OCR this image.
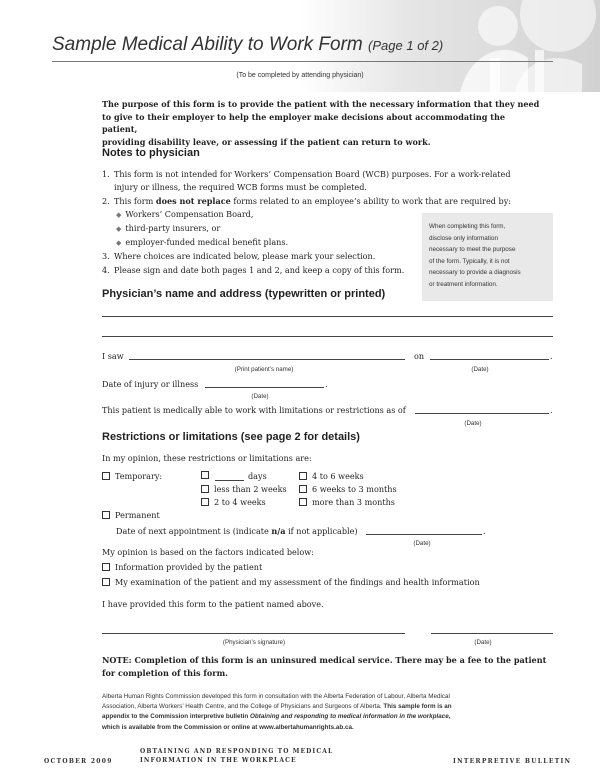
Sample Medical Ability to Work Form (Page 1 of 2)
(To be completed by attending physician)
The purpose of this form is to provide the patient with the necessary information that they need
to give to their employer to help the employer make decisions about accommodating the patient,
providing disability leave, or assessing if the patient can return to work.
Notes to physician
1. This form is not intended for Workers’ Compensation Board (WCB) purposes. For a work-related
injury or illness, the required WCB forms must be completed.
2. This form does not replace forms related to an employee’s ability to work that are required by:
◆ Workers’ Compensation Board,
◆ third-party insurers, or
◆ employer-funded medical benefit plans.
3. Where choices are indicated below, please mark your selection.
4. Please sign and date both pages 1 and 2, and keep a copy of this form.
When completing this form,
disclose only information
necessary to meet the purpose
of the form. Typically, it is not
necessary to provide a diagnosis
or treatment information.
Physician’s name and address (typewritten or printed)
I saw	on	.
(Print patient’s name)	(Date)
Date of injury or illness	.
(Date)
This patient is medically able to work with limitations or restrictions as of	.
(Date)
Restrictions or limitations (see page 2 for details)
In my opinion, these restrictions or limitations are:
Temporary:	days
less than 2 weeks
2 to 4 weeks
4 to 6 weeks
6 weeks to 3 months
more than 3 months
Permanent
Date of next appointment is (indicate n/a if not applicable)	.
(Date)
My opinion is based on the factors indicated below:
Information provided by the patient
My examination of the patient and my assessment of the findings and health information
I have provided this form to the patient named above.
(Physician’s signature)	(Date)
NOTE: Completion of this form is an uninsured medical service. There may be a fee to the patient
for completion of this form.
Alberta Human Rights Commission developed this form in consultation with the Alberta Federation of Labour, Alberta Medical
Association, Alberta Workers’ Health Centre, and the College of Physicians and Surgeons of Alberta. This sample form is an
appendix to the Commission interpretive bulletin Obtaining and responding to medical information in the workplace,
which is available from the Commission or online at www.albertahumanrights.ab.ca.
OCTOBER 2009
OBTAINING AND RESPONDING TO MEDICAL
INFORMATION IN THE WORKPLACE	INTERPRETIVE BULLETIN
